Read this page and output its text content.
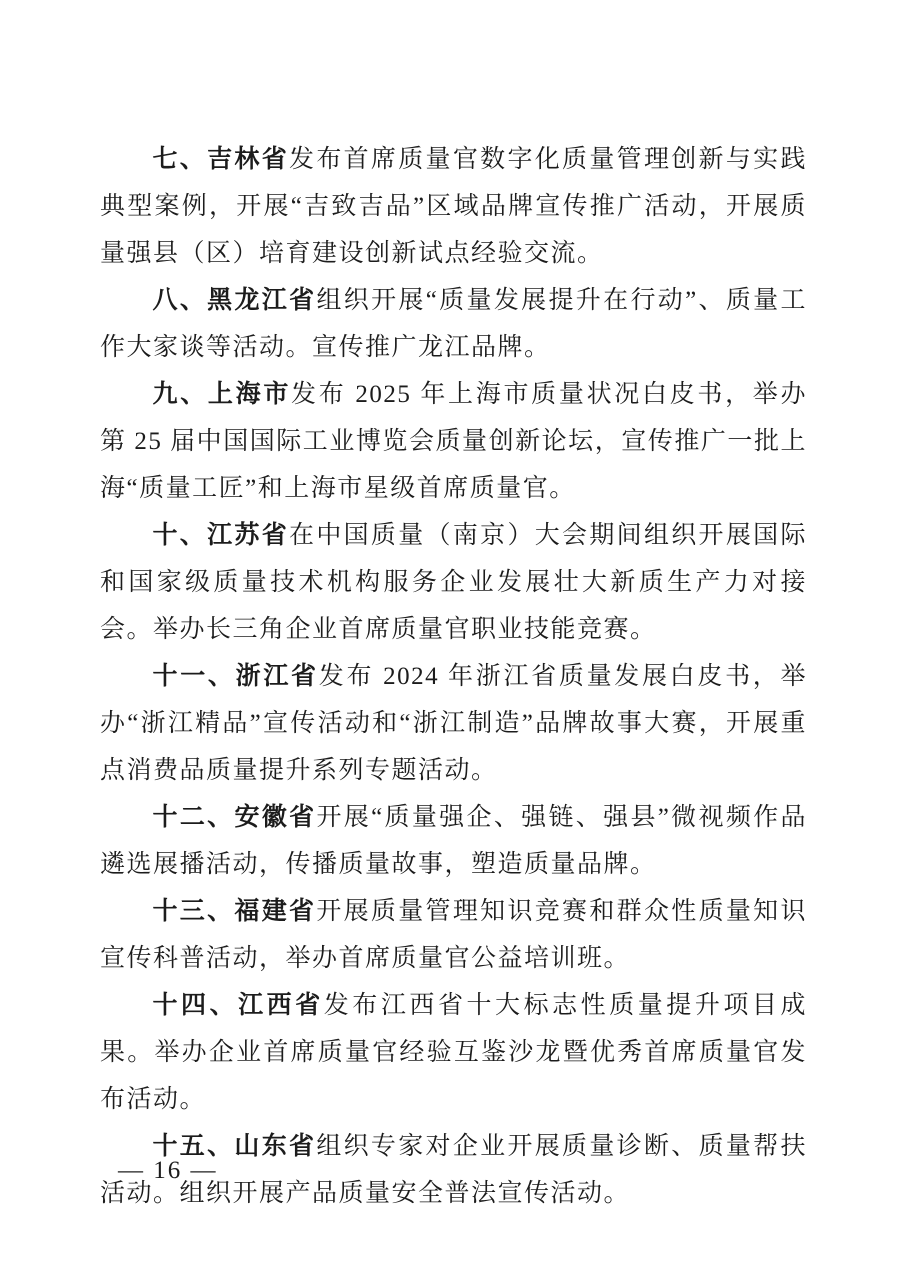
七、吉林省发布首席质量官数字化质量管理创新与实践典型案例，开展“吉致吉品”区域品牌宣传推广活动，开展质量强县（区）培育建设创新试点经验交流。

八、黑龙江省组织开展“质量发展提升在行动”、质量工作大家谈等活动。宣传推广龙江品牌。

九、上海市发布 2025 年上海市质量状况白皮书，举办第 25 届中国国际工业博览会质量创新论坛，宣传推广一批上海“质量工匠”和上海市星级首席质量官。

十、江苏省在中国质量（南京）大会期间组织开展国际和国家级质量技术机构服务企业发展壮大新质生产力对接会。举办长三角企业首席质量官职业技能竞赛。

十一、浙江省发布 2024 年浙江省质量发展白皮书，举办“浙江精品”宣传活动和“浙江制造”品牌故事大赛，开展重点消费品质量提升系列专题活动。

十二、安徽省开展“质量强企、强链、强县”微视频作品遴选展播活动，传播质量故事，塑造质量品牌。

十三、福建省开展质量管理知识竞赛和群众性质量知识宣传科普活动，举办首席质量官公益培训班。

十四、江西省发布江西省十大标志性质量提升项目成果。举办企业首席质量官经验互鉴沙龙暨优秀首席质量官发布活动。

十五、山东省组织专家对企业开展质量诊断、质量帮扶活动。组织开展产品质量安全普法宣传活动。

— 16 —
